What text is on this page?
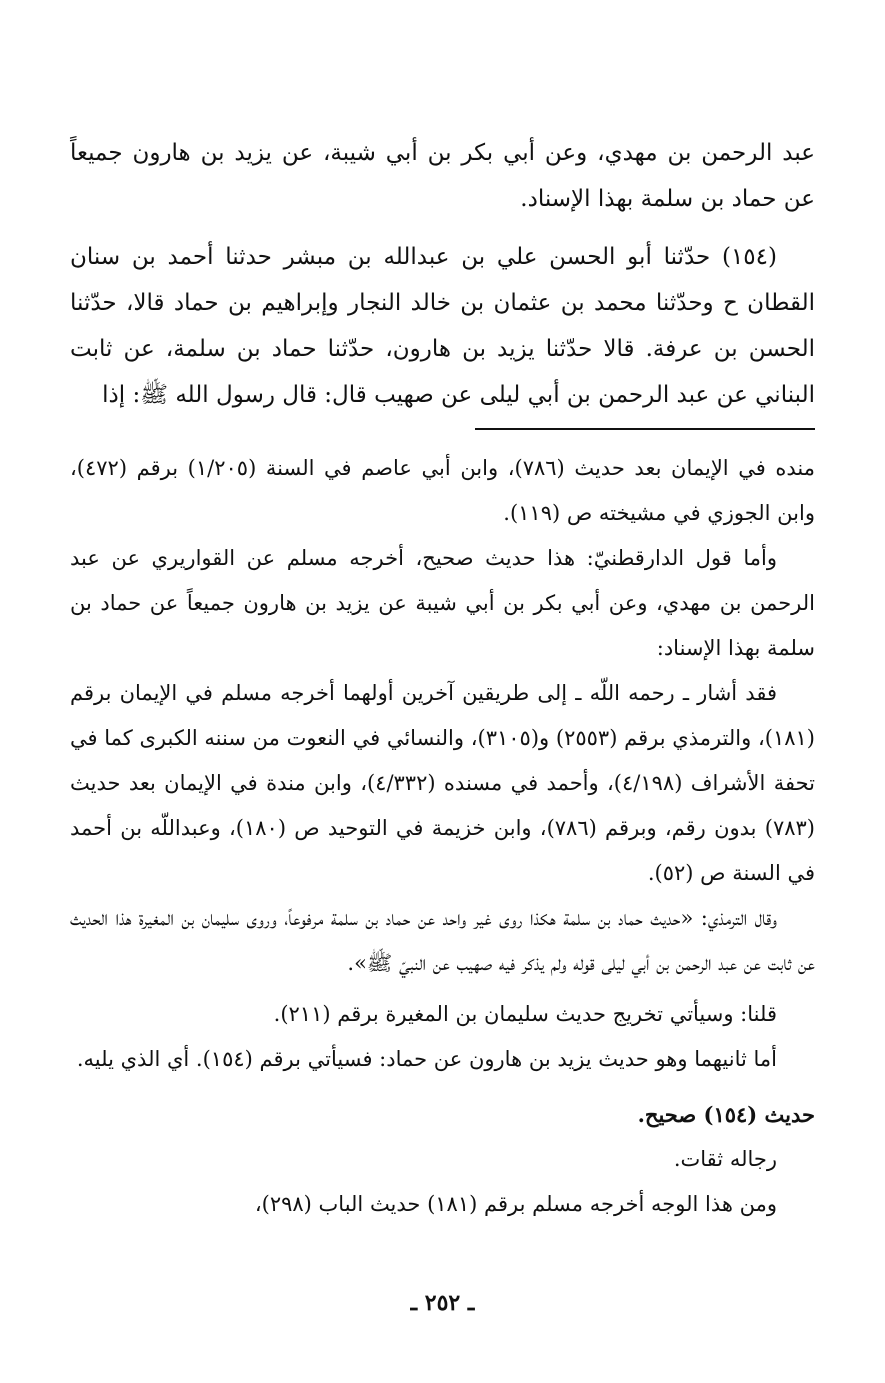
عبد الرحمن بن مهدي، وعن أبي بكر بن أبي شيبة، عن يزيد بن هارون جميعاً عن حماد بن سلمة بهذا الإسناد.

(١٥٤) حدّثنا أبو الحسن علي بن عبدالله بن مبشر حدثنا أحمد بن سنان القطان ح وحدّثنا محمد بن عثمان بن خالد النجار وإبراهيم بن حماد قالا، حدّثنا الحسن بن عرفة. قالا حدّثنا يزيد بن هارون، حدّثنا حماد بن سلمة، عن ثابت البناني عن عبد الرحمن بن أبي ليلى عن صهيب قال: قال رسول الله ﷺ: إذا

منده في الإيمان بعد حديث (٧٨٦)، وابن أبي عاصم في السنة (١/٢٠٥) برقم (٤٧٢)، وابن الجوزي في مشيخته ص (١١٩).

وأما قول الدارقطنيّ: هذا حديث صحيح، أخرجه مسلم عن القواريري عن عبد الرحمن بن مهدي، وعن أبي بكر بن أبي شيبة عن يزيد بن هارون جميعاً عن حماد بن سلمة بهذا الإسناد:

فقد أشار ـ رحمه اللّه ـ إلى طريقين آخرين أولهما أخرجه مسلم في الإيمان برقم (١٨١)، والترمذي برقم (٢٥٥٣) و(٣١٠٥)، والنسائي في النعوت من سننه الكبرى كما في تحفة الأشراف (٤/١٩٨)، وأحمد في مسنده (٤/٣٣٢)، وابن مندة في الإيمان بعد حديث (٧٨٣) بدون رقم، وبرقم (٧٨٦)، وابن خزيمة في التوحيد ص (١٨٠)، وعبداللّه بن أحمد في السنة ص (٥٢).

وقال الترمذي: «حديث حماد بن سلمة هكذا روى غير واحد عن حماد بن سلمة مرفوعاً، وروى سليمان بن المغيرة هذا الحديث عن ثابت عن عبد الرحمن بن أبي ليلى قوله ولم يذكر فيه صهيب عن النبيّ ﷺ».

قلنا: وسيأتي تخريج حديث سليمان بن المغيرة برقم (٢١١).

أما ثانيهما وهو حديث يزيد بن هارون عن حماد: فسيأتي برقم (١٥٤). أي الذي يليه.

حديث (١٥٤) صحيح.

رجاله ثقات.

ومن هذا الوجه أخرجه مسلم برقم (١٨١) حديث الباب (٢٩٨)،

ـ ٢٥٢ ـ
